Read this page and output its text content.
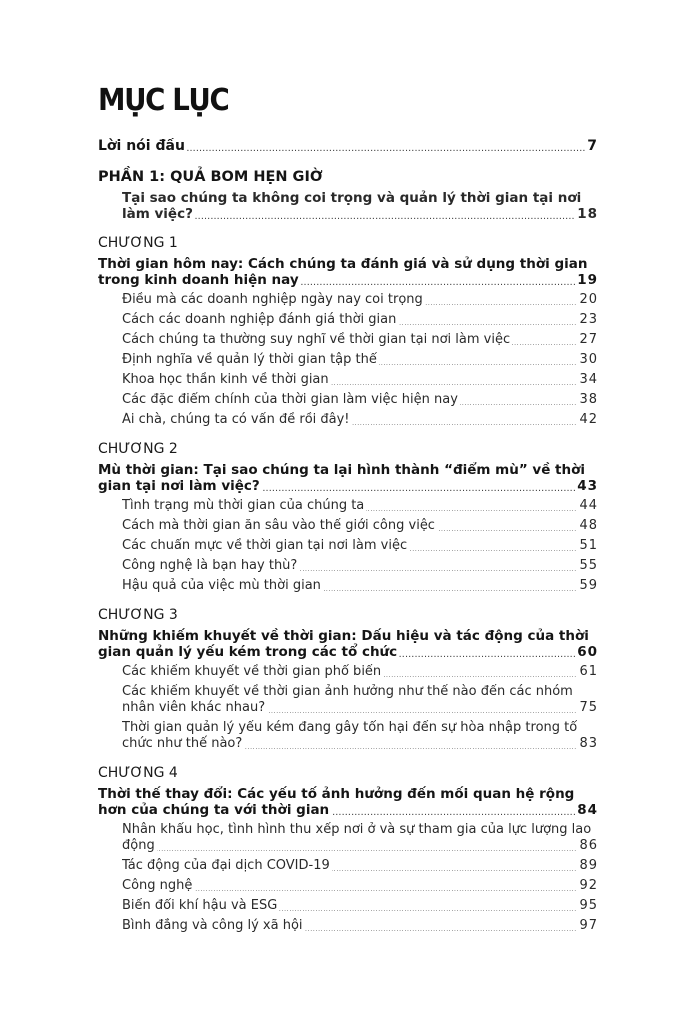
MỤC LỤC
. . . Lời nói đầu	7
PHẦN 1: QUẢ BOM HẸN GIỜ
. . . Tại sao chúng ta không coi trọng và quản lý thời gian tại nơi làm việc?	18
CHƯƠNG 1
. . . Thời gian hôm nay: Cách chúng ta đánh giá và sử dụng thời gian trong kinh doanh hiện nay	19
. . . Điều mà các doanh nghiệp ngày nay coi trọng	20
. . . Cách các doanh nghiệp đánh giá thời gian	23
. . . Cách chúng ta thường suy nghĩ về thời gian tại nơi làm việc	27
. . . Định nghĩa về quản lý thời gian tập thể	30
. . . Khoa học thần kinh về thời gian	34
. . . Các đặc điểm chính của thời gian làm việc hiện nay	38
. . . Ái chà, chúng ta có vấn đề rồi đây!	42
CHƯƠNG 2
. . . Mù thời gian: Tại sao chúng ta lại hình thành “điểm mù” về thời gian tại nơi làm việc?	43
. . . Tình trạng mù thời gian của chúng ta	44
. . . Cách mà thời gian ăn sâu vào thế giới công việc	48
. . . Các chuẩn mực về thời gian tại nơi làm việc	51
. . . Công nghệ là bạn hay thù?	55
. . . Hậu quả của việc mù thời gian	59
CHƯƠNG 3
. . . Những khiếm khuyết về thời gian: Dấu hiệu và tác động của thời gian quản lý yếu kém trong các tổ chức	60
. . . Các khiếm khuyết về thời gian phổ biến	61
. . . Các khiếm khuyết về thời gian ảnh hưởng như thế nào đến các nhóm nhân viên khác nhau?	75
. . . Thời gian quản lý yếu kém đang gây tổn hại đến sự hòa nhập trong tổ chức như thế nào?	83
CHƯƠNG 4
. . . Thời thế thay đổi: Các yếu tố ảnh hưởng đến mối quan hệ rộng hơn của chúng ta với thời gian	84
. . . Nhân khẩu học, tình hình thu xếp nơi ở và sự tham gia của lực lượng lao động	86
. . . Tác động của đại dịch COVID-19	89
. . . Công nghệ	92
. . . Biến đổi khí hậu và ESG	95
. . . Bình đẳng và công lý xã hội	97
